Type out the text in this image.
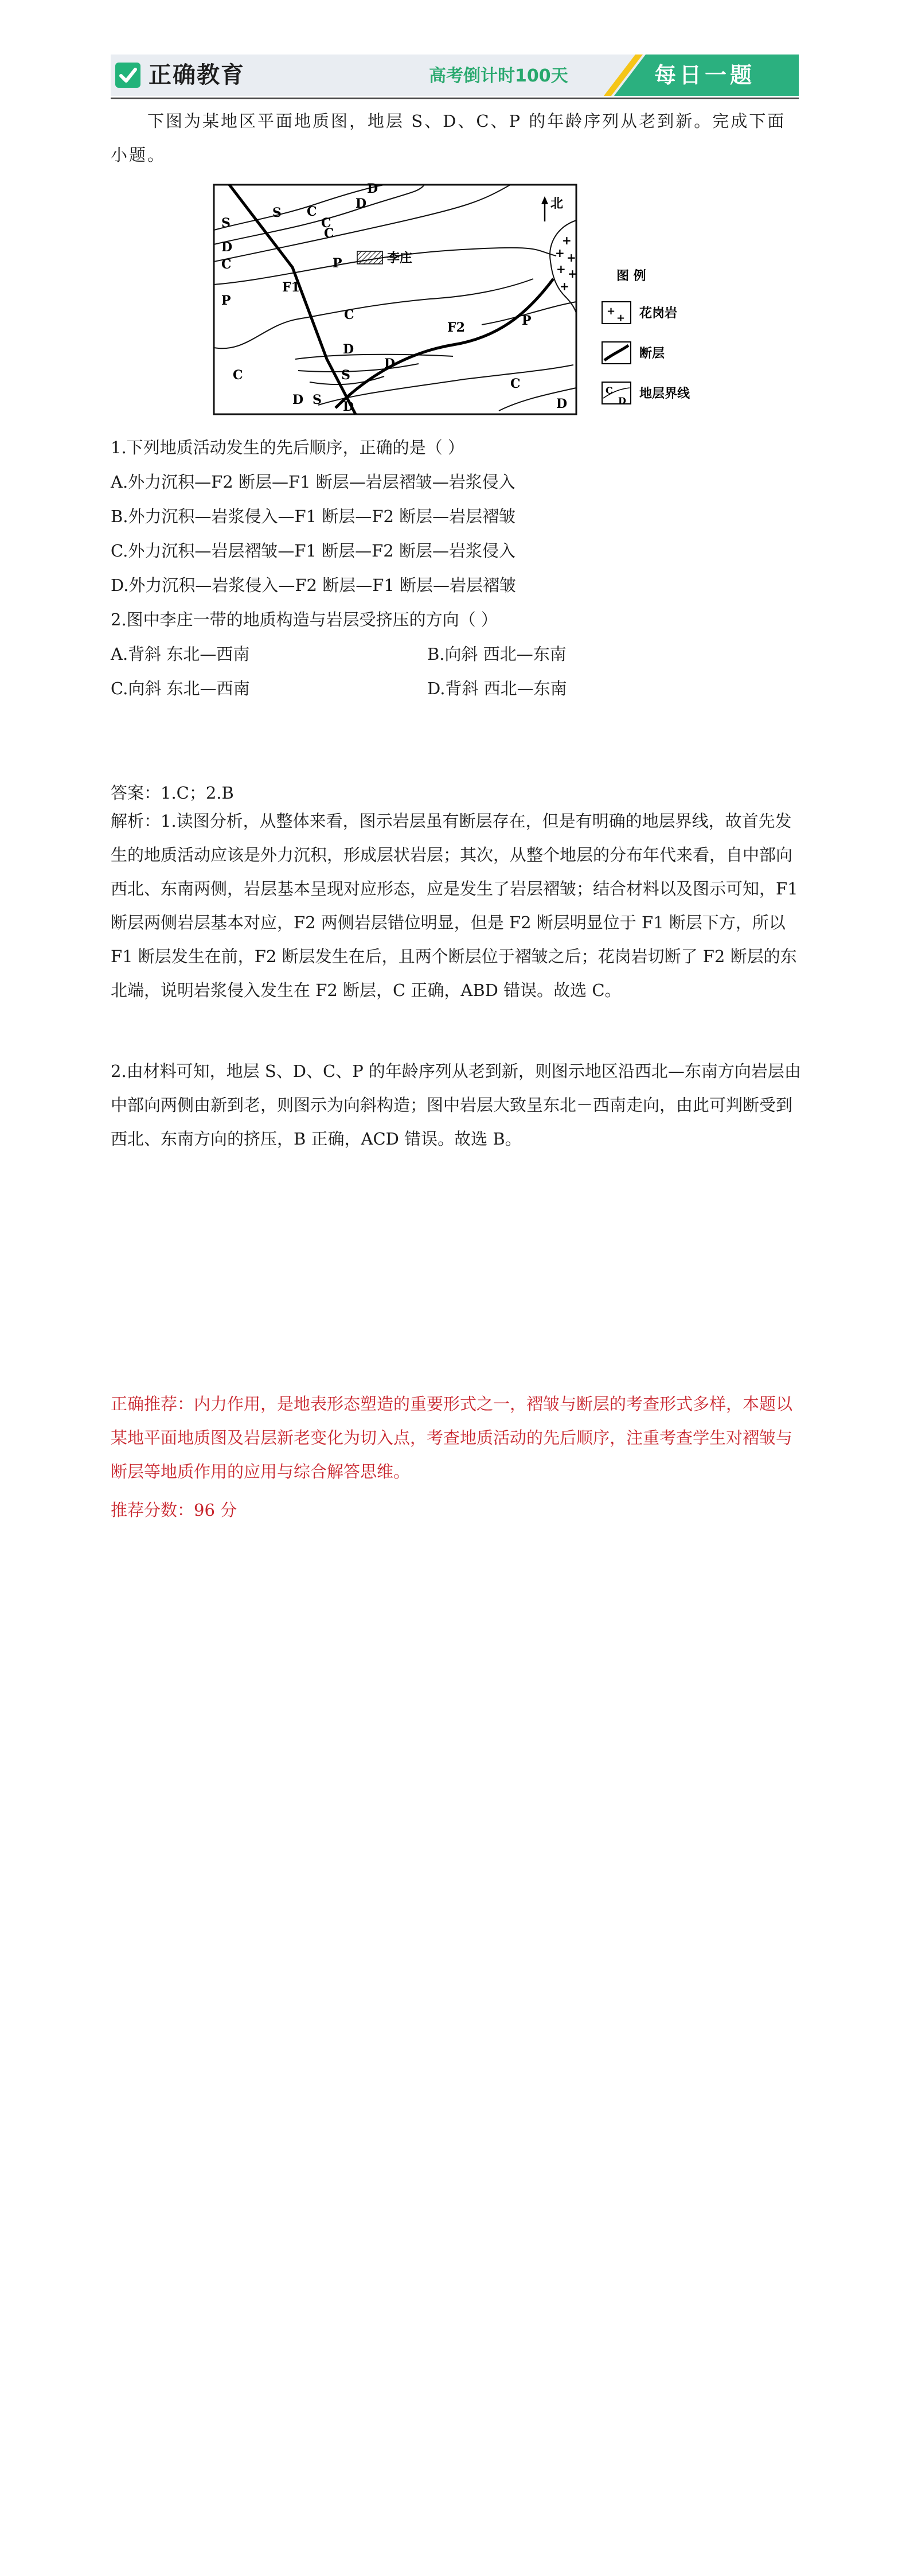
正确教育	高考倒计时100天	每日一题
下图为某地区平面地质图，地层 S、D、C、P 的年龄序列从老到新。完成下面小题。
北
+
+ +
+ +
+
李庄
F1
F2
S
S
D
D
C
C
P
C
D
S
C
D S D
C
P
D
C
P
D
C
D
图 例
+
+ 花岗岩
断层
C
D 地层界线
1.下列地质活动发生的先后顺序，正确的是（ ）
A.外力沉积—F2 断层—F1 断层—岩层褶皱—岩浆侵入
B.外力沉积—岩浆侵入—F1 断层—F2 断层—岩层褶皱
C.外力沉积—岩层褶皱—F1 断层—F2 断层—岩浆侵入
D.外力沉积—岩浆侵入—F2 断层—F1 断层—岩层褶皱
2.图中李庄一带的地质构造与岩层受挤压的方向（ ）
A.背斜 东北—西南	B.向斜 西北—东南
C.向斜 东北—西南	D.背斜 西北—东南
答案：1.C；2.B
解析：1.读图分析，从整体来看，图示岩层虽有断层存在，但是有明确的地层界线，故首先发生的地质活动应该是外力沉积，形成层状岩层；其次，从整个地层的分布年代来看，自中部向西北、东南两侧，岩层基本呈现对应形态，应是发生了岩层褶皱；结合材料以及图示可知，F1 断层两侧岩层基本对应，F2 两侧岩层错位明显，但是 F2 断层明显位于 F1 断层下方，所以 F1 断层发生在前，F2 断层发生在后，且两个断层位于褶皱之后；花岗岩切断了 F2 断层的东北端，说明岩浆侵入发生在 F2 断层，C 正确，ABD 错误。故选 C。
2.由材料可知，地层 S、D、C、P 的年龄序列从老到新，则图示地区沿西北—东南方向岩层由中部向两侧由新到老，则图示为向斜构造；图中岩层大致呈东北－西南走向，由此可判断受到西北、东南方向的挤压，B 正确，ACD 错误。故选 B。
正确推荐：内力作用，是地表形态塑造的重要形式之一，褶皱与断层的考查形式多样，本题以某地平面地质图及岩层新老变化为切入点，考查地质活动的先后顺序，注重考查学生对褶皱与断层等地质作用的应用与综合解答思维。
推荐分数：96 分
